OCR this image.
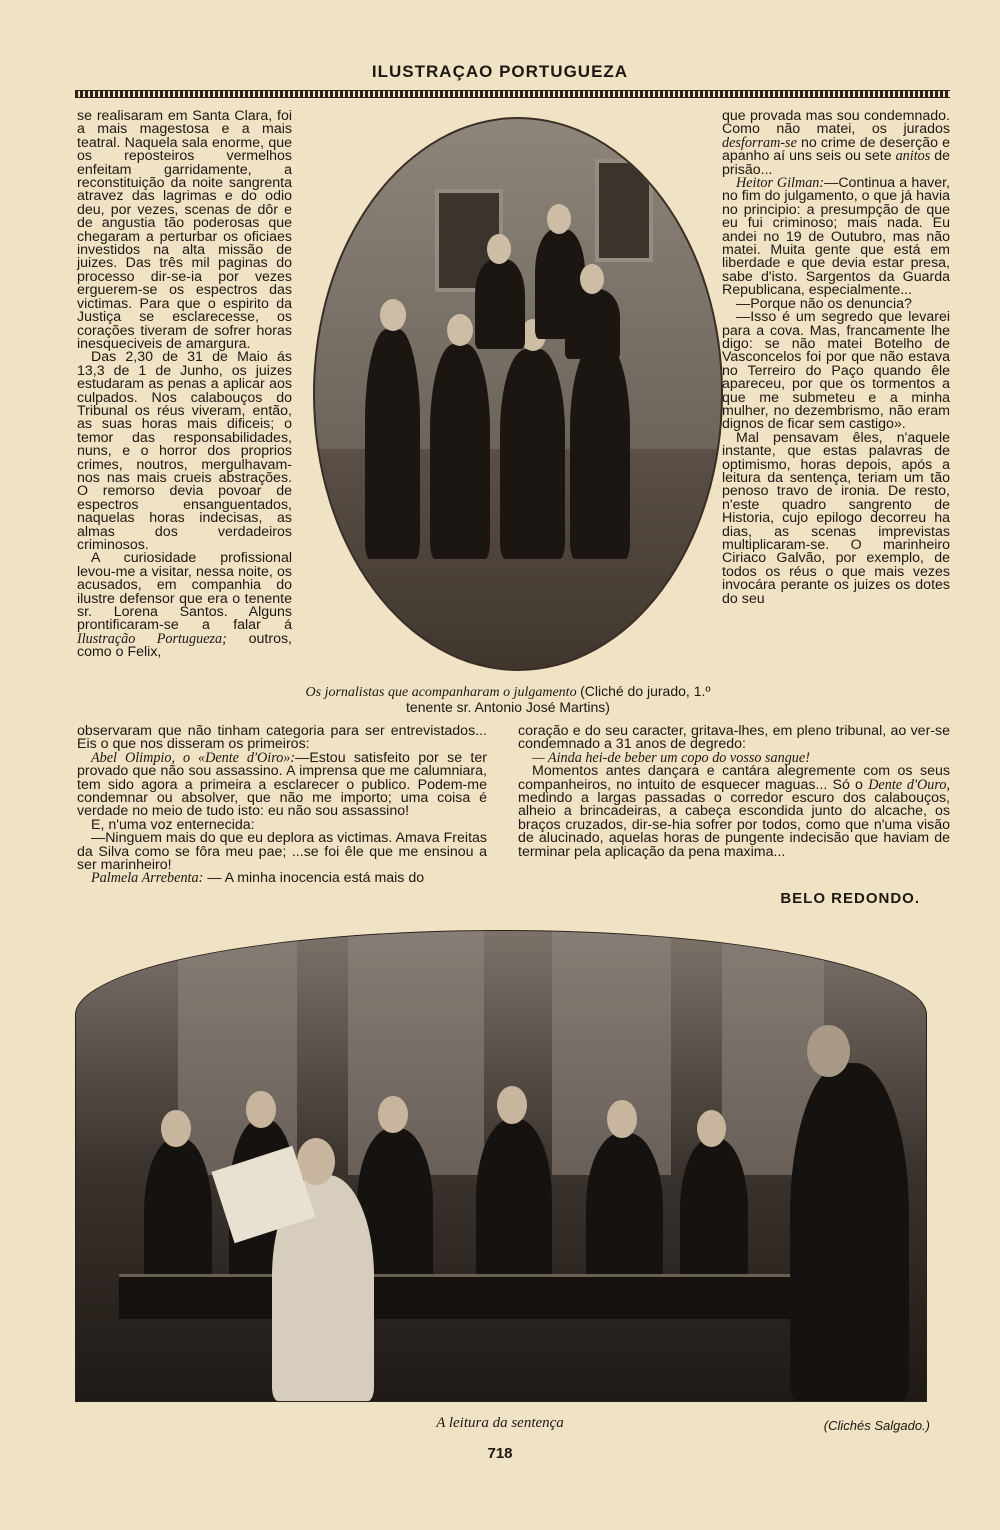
ILUSTRAÇAO PORTUGUEZA

se realisaram em Santa Clara, foi a mais magestosa e a mais teatral. Naquela sala enorme, que os reposteiros vermelhos enfeitam garridamente, a reconstituição da noite sangrenta atravez das lagrimas e do odio deu, por vezes, scenas de dôr e de angustia tão poderosas que chegaram a perturbar os oficiaes investidos na alta missão de juizes. Das três mil paginas do processo dir-se-ia por vezes erguerem-se os espectros das victimas. Para que o espirito da Justiça se esclarecesse, os corações tiveram de sofrer horas inesqueciveis de amargura.

Das 2,30 de 31 de Maio ás 13,3 de 1 de Junho, os juizes estudaram as penas a aplicar aos culpados. Nos calabouços do Tribunal os réus viveram, então, as suas horas mais dificeis; o temor das responsabilidades, nuns, e o horror dos proprios crimes, noutros, mergulhavam-nos nas mais crueis abstrações. O remorso devia povoar de espectros ensanguentados, naquelas horas indecisas, as almas dos verdadeiros criminosos.

A curiosidade profissional levou-me a visitar, nessa noite, os acusados, em companhia do ilustre defensor que era o tenente sr. Lorena Santos. Alguns prontificaram-se a falar á Ilustração Portugueza; outros, como o Felix,

Os jornalistas que acompanharam o julgamento (Cliché do jurado, 1.º tenente sr. Antonio José Martins)

que provada mas sou condemnado. Como não matei, os jurados desforram-se no crime de deserção e apanho aí uns seis ou sete anitos de prisão...

Heitor Gilman:—Continua a haver, no fim do julgamento, o que já havia no principio: a presumpção de que eu fui criminoso; mais nada. Eu andei no 19 de Outubro, mas não matei. Muita gente que está em liberdade e que devia estar presa, sabe d'isto. Sargentos da Guarda Republicana, especialmente...

—Porque não os denuncia?

—Isso é um segredo que levarei para a cova. Mas, francamente lhe digo: se não matei Botelho de Vasconcelos foi por que não estava no Terreiro do Paço quando êle apareceu, por que os tormentos a que me submeteu e a minha mulher, no dezembrismo, não eram dignos de ficar sem castigo».

Mal pensavam êles, n'aquele instante, que estas palavras de optimismo, horas depois, após a leitura da sentença, teriam um tão penoso travo de ironia. De resto, n'este quadro sangrento de Historia, cujo epilogo decorreu ha dias, as scenas imprevistas multiplicaram-se. O marinheiro Ciriaco Galvão, por exemplo, de todos os réus o que mais vezes invocára perante os juizes os dotes do seu

observaram que não tinham categoria para ser entrevistados... Eis o que nos disseram os primeiros:

Abel Olimpio, o «Dente d'Oiro»:—Estou satisfeito por se ter provado que não sou assassino. A imprensa que me calumniara, tem sido agora a primeira a esclarecer o publico. Podem-me condemnar ou absolver, que não me importo; uma coisa é verdade no meio de tudo isto: eu não sou assassino!

E, n'uma voz enternecida:

—Ninguem mais do que eu deplora as victimas. Amava Freitas da Silva como se fôra meu pae; ...se foi êle que me ensinou a ser marinheiro!

Palmela Arrebenta: — A minha inocencia está mais do

coração e do seu caracter, gritava-lhes, em pleno tribunal, ao ver-se condemnado a 31 anos de degredo:

— Ainda hei-de beber um copo do vosso sangue!

Momentos antes dançara e cantára alegremente com os seus companheiros, no intuito de esquecer maguas... Só o Dente d'Ouro, medindo a largas passadas o corredor escuro dos calabouços, alheio a brincadeiras, a cabeça escondida junto do alcache, os braços cruzados, dir-se-hia sofrer por todos, como que n'uma visão de alucinado, aquelas horas de pungente indecisão que haviam de terminar pela aplicação da pena maxima...

BELO REDONDO.
A leitura da sentença	(Clichés Salgado.)
718
